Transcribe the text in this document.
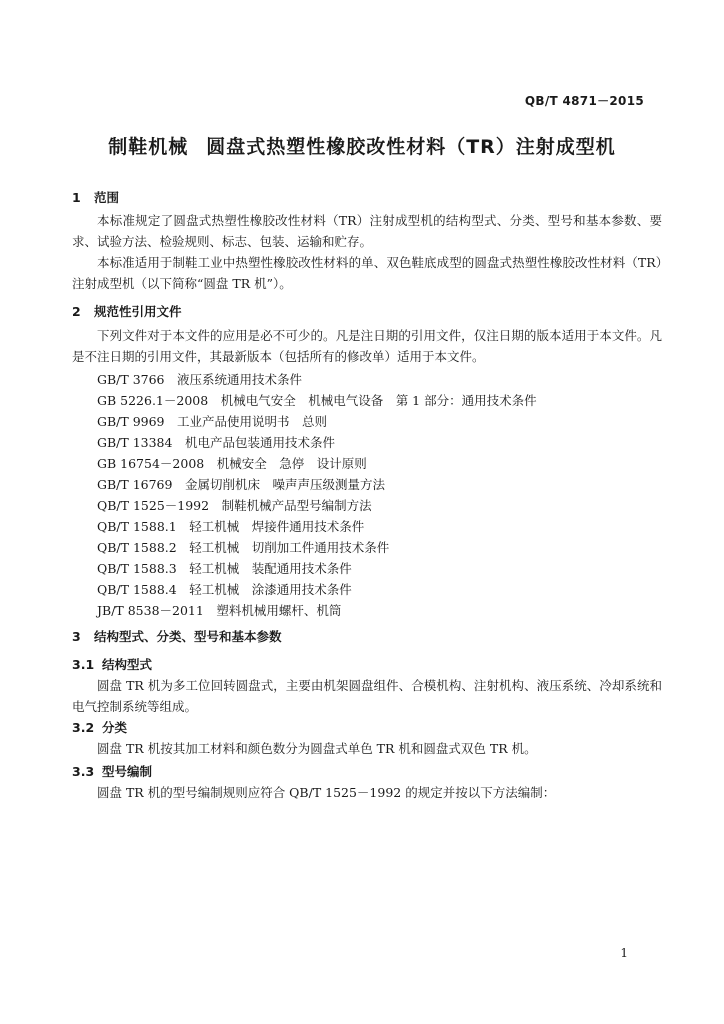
QB/T 4871－2015
制鞋机械 圆盘式热塑性橡胶改性材料（TR）注射成型机
1 范围
本标准规定了圆盘式热塑性橡胶改性材料（TR）注射成型机的结构型式、分类、型号和基本参数、要求、试验方法、检验规则、标志、包装、运输和贮存。
本标准适用于制鞋工业中热塑性橡胶改性材料的单、双色鞋底成型的圆盘式热塑性橡胶改性材料（TR）注射成型机（以下简称“圆盘 TR 机”）。
2 规范性引用文件
下列文件对于本文件的应用是必不可少的。凡是注日期的引用文件，仅注日期的版本适用于本文件。凡是不注日期的引用文件，其最新版本（包括所有的修改单）适用于本文件。
GB/T 3766　液压系统通用技术条件
GB 5226.1－2008　机械电气安全　机械电气设备　第 1 部分：通用技术条件
GB/T 9969　工业产品使用说明书　总则
GB/T 13384　机电产品包装通用技术条件
GB 16754－2008　机械安全　急停　设计原则
GB/T 16769　金属切削机床　噪声声压级测量方法
QB/T 1525－1992　制鞋机械产品型号编制方法
QB/T 1588.1　轻工机械　焊接件通用技术条件
QB/T 1588.2　轻工机械　切削加工件通用技术条件
QB/T 1588.3　轻工机械　装配通用技术条件
QB/T 1588.4　轻工机械　涂漆通用技术条件
JB/T 8538－2011　塑料机械用螺杆、机筒
3 结构型式、分类、型号和基本参数
3.1 结构型式
圆盘 TR 机为多工位回转圆盘式，主要由机架圆盘组件、合模机构、注射机构、液压系统、冷却系统和电气控制系统等组成。
3.2 分类
圆盘 TR 机按其加工材料和颜色数分为圆盘式单色 TR 机和圆盘式双色 TR 机。
3.3 型号编制
圆盘 TR 机的型号编制规则应符合 QB/T 1525－1992 的规定并按以下方法编制：
1
